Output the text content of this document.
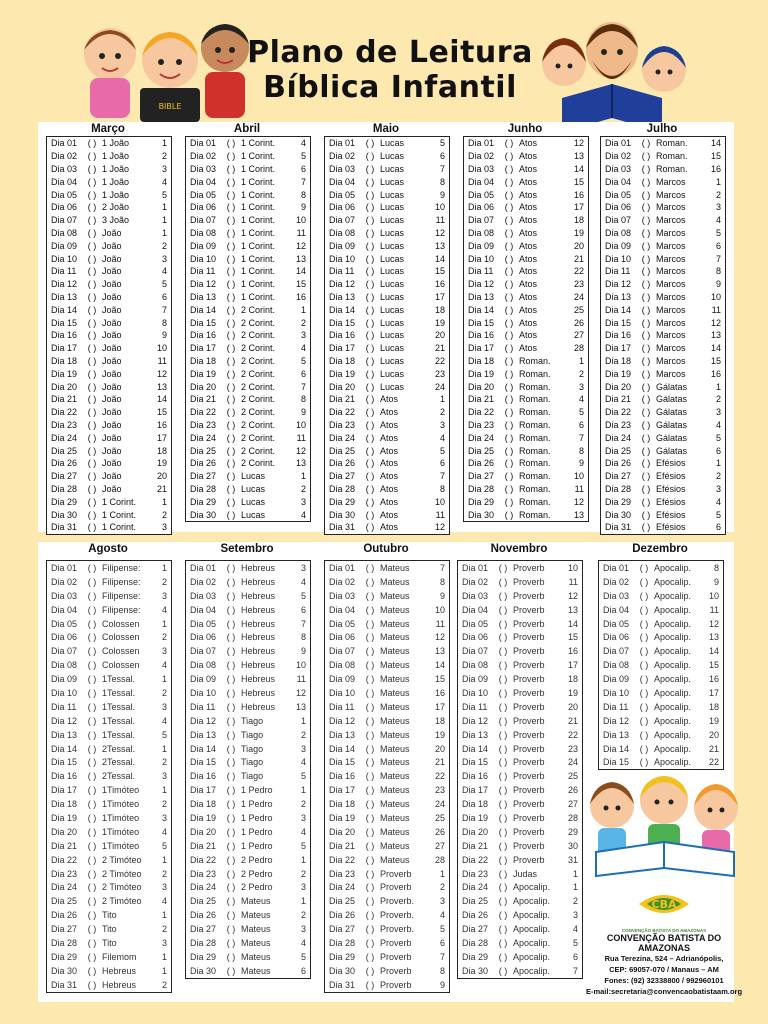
BIBLE
Plano de Leitura
Bíblica Infantil
Março
Dia 01	( ) 1 João	1
Dia 02	( ) 1 João	2
Dia 03	( ) 1 João	3
Dia 04	( ) 1 João	4
Dia 05	( ) 1 João	5
Dia 06	( ) 2 João	1
Dia 07	( ) 3 João	1
Dia 08	( ) João	1
Dia 09	( ) João	2
Dia 10	( ) João	3
Dia 11	( ) João	4
Dia 12	( ) João	5
Dia 13	( ) João	6
Dia 14	( ) João	7
Dia 15	( ) João	8
Dia 16	( ) João	9
Dia 17	( ) João	10
Dia 18	( ) João	11
Dia 19	( ) João	12
Dia 20	( ) João	13
Dia 21	( ) João	14
Dia 22	( ) João	15
Dia 23	( ) João	16
Dia 24	( ) João	17
Dia 25	( ) João	18
Dia 26	( ) João	19
Dia 27	( ) João	20
Dia 28	( ) João	21
Dia 29	( ) 1 Corint.	1
Dia 30	( ) 1 Corint.	2
Dia 31	( ) 1 Corint.	3
Abril
Dia 01	( ) 1 Corint.	4
Dia 02	( ) 1 Corint.	5
Dia 03	( ) 1 Corint.	6
Dia 04	( ) 1 Corint.	7
Dia 05	( ) 1 Corint.	8
Dia 06	( ) 1 Corint.	9
Dia 07	( ) 1 Corint.	10
Dia 08	( ) 1 Corint.	11
Dia 09	( ) 1 Corint.	12
Dia 10	( ) 1 Corint.	13
Dia 11	( ) 1 Corint.	14
Dia 12	( ) 1 Corint.	15
Dia 13	( ) 1 Corint.	16
Dia 14	( ) 2 Corint.	1
Dia 15	( ) 2 Corint.	2
Dia 16	( ) 2 Corint.	3
Dia 17	( ) 2 Corint.	4
Dia 18	( ) 2 Corint.	5
Dia 19	( ) 2 Corint.	6
Dia 20	( ) 2 Corint.	7
Dia 21	( ) 2 Corint.	8
Dia 22	( ) 2 Corint.	9
Dia 23	( ) 2 Corint.	10
Dia 24	( ) 2 Corint.	11
Dia 25	( ) 2 Corint.	12
Dia 26	( ) 2 Corint.	13
Dia 27	( ) Lucas	1
Dia 28	( ) Lucas	2
Dia 29	( ) Lucas	3
Dia 30	( ) Lucas	4
Maio
Dia 01	( ) Lucas	5
Dia 02	( ) Lucas	6
Dia 03	( ) Lucas	7
Dia 04	( ) Lucas	8
Dia 05	( ) Lucas	9
Dia 06	( ) Lucas	10
Dia 07	( ) Lucas	11
Dia 08	( ) Lucas	12
Dia 09	( ) Lucas	13
Dia 10	( ) Lucas	14
Dia 11	( ) Lucas	15
Dia 12	( ) Lucas	16
Dia 13	( ) Lucas	17
Dia 14	( ) Lucas	18
Dia 15	( ) Lucas	19
Dia 16	( ) Lucas	20
Dia 17	( ) Lucas	21
Dia 18	( ) Lucas	22
Dia 19	( ) Lucas	23
Dia 20	( ) Lucas	24
Dia 21	( ) Atos	1
Dia 22	( ) Atos	2
Dia 23	( ) Atos	3
Dia 24	( ) Atos	4
Dia 25	( ) Atos	5
Dia 26	( ) Atos	6
Dia 27	( ) Atos	7
Dia 28	( ) Atos	8
Dia 29	( ) Atos	10
Dia 30	( ) Atos	11
Dia 31	( ) Atos	12
Junho
Dia 01	( ) Atos	12
Dia 02	( ) Atos	13
Dia 03	( ) Atos	14
Dia 04	( ) Atos	15
Dia 05	( ) Atos	16
Dia 06	( ) Atos	17
Dia 07	( ) Atos	18
Dia 08	( ) Atos	19
Dia 09	( ) Atos	20
Dia 10	( ) Atos	21
Dia 11	( ) Atos	22
Dia 12	( ) Atos	23
Dia 13	( ) Atos	24
Dia 14	( ) Atos	25
Dia 15	( ) Atos	26
Dia 16	( ) Atos	27
Dia 17	( ) Atos	28
Dia 18	( ) Roman.	1
Dia 19	( ) Roman.	2
Dia 20	( ) Roman.	3
Dia 21	( ) Roman.	4
Dia 22	( ) Roman.	5
Dia 23	( ) Roman.	6
Dia 24	( ) Roman.	7
Dia 25	( ) Roman.	8
Dia 26	( ) Roman.	9
Dia 27	( ) Roman.	10
Dia 28	( ) Roman.	11
Dia 29	( ) Roman.	12
Dia 30	( ) Roman.	13
Julho
Dia 01	( ) Roman.	14
Dia 02	( ) Roman.	15
Dia 03	( ) Roman.	16
Dia 04	( ) Marcos	1
Dia 05	( ) Marcos	2
Dia 06	( ) Marcos	3
Dia 07	( ) Marcos	4
Dia 08	( ) Marcos	5
Dia 09	( ) Marcos	6
Dia 10	( ) Marcos	7
Dia 11	( ) Marcos	8
Dia 12	( ) Marcos	9
Dia 13	( ) Marcos	10
Dia 14	( ) Marcos	11
Dia 15	( ) Marcos	12
Dia 16	( ) Marcos	13
Dia 17	( ) Marcos	14
Dia 18	( ) Marcos	15
Dia 19	( ) Marcos	16
Dia 20	( ) Gálatas	1
Dia 21	( ) Gálatas	2
Dia 22	( ) Gálatas	3
Dia 23	( ) Gálatas	4
Dia 24	( ) Gálatas	5
Dia 25	( ) Gálatas	6
Dia 26	( ) Efésios	1
Dia 27	( ) Efésios	2
Dia 28	( ) Efésios	3
Dia 29	( ) Efésios	4
Dia 30	( ) Efésios	5
Dia 31	( ) Efésios	6
Agosto
Dia 01	( ) Filipense:	1
Dia 02	( ) Filipense:	2
Dia 03	( ) Filipense:	3
Dia 04	( ) Filipense:	4
Dia 05	( ) Colossen	1
Dia 06	( ) Colossen	2
Dia 07	( ) Colossen	3
Dia 08	( ) Colossen	4
Dia 09	( ) 1Tessal.	1
Dia 10	( ) 1Tessal.	2
Dia 11	( ) 1Tessal.	3
Dia 12	( ) 1Tessal.	4
Dia 13	( ) 1Tessal.	5
Dia 14	( ) 2Tessal.	1
Dia 15	( ) 2Tessal.	2
Dia 16	( ) 2Tessal.	3
Dia 17	( ) 1Timóteo	1
Dia 18	( ) 1Timóteo	2
Dia 19	( ) 1Timóteo	3
Dia 20	( ) 1Timóteo	4
Dia 21	( ) 1Timóteo	5
Dia 22	( ) 2 Timóteo	1
Dia 23	( ) 2 Timóteo	2
Dia 24	( ) 2 Timóteo	3
Dia 25	( ) 2 Timóteo	4
Dia 26	( ) Tito	1
Dia 27	( ) Tito	2
Dia 28	( ) Tito	3
Dia 29	( ) Filemom	1
Dia 30	( ) Hebreus	1
Dia 31	( ) Hebreus	2
Setembro
Dia 01	( ) Hebreus	3
Dia 02	( ) Hebreus	4
Dia 03	( ) Hebreus	5
Dia 04	( ) Hebreus	6
Dia 05	( ) Hebreus	7
Dia 06	( ) Hebreus	8
Dia 07	( ) Hebreus	9
Dia 08	( ) Hebreus	10
Dia 09	( ) Hebreus	11
Dia 10	( ) Hebreus	12
Dia 11	( ) Hebreus	13
Dia 12	( ) Tiago	1
Dia 13	( ) Tiago	2
Dia 14	( ) Tiago	3
Dia 15	( ) Tiago	4
Dia 16	( ) Tiago	5
Dia 17	( ) 1 Pedro	1
Dia 18	( ) 1 Pedro	2
Dia 19	( ) 1 Pedro	3
Dia 20	( ) 1 Pedro	4
Dia 21	( ) 1 Pedro	5
Dia 22	( ) 2 Pedro	1
Dia 23	( ) 2 Pedro	2
Dia 24	( ) 2 Pedro	3
Dia 25	( ) Mateus	1
Dia 26	( ) Mateus	2
Dia 27	( ) Mateus	3
Dia 28	( ) Mateus	4
Dia 29	( ) Mateus	5
Dia 30	( ) Mateus	6
Outubro
Dia 01	( ) Mateus	7
Dia 02	( ) Mateus	8
Dia 03	( ) Mateus	9
Dia 04	( ) Mateus	10
Dia 05	( ) Mateus	11
Dia 06	( ) Mateus	12
Dia 07	( ) Mateus	13
Dia 08	( ) Mateus	14
Dia 09	( ) Mateus	15
Dia 10	( ) Mateus	16
Dia 11	( ) Mateus	17
Dia 12	( ) Mateus	18
Dia 13	( ) Mateus	19
Dia 14	( ) Mateus	20
Dia 15	( ) Mateus	21
Dia 16	( ) Mateus	22
Dia 17	( ) Mateus	23
Dia 18	( ) Mateus	24
Dia 19	( ) Mateus	25
Dia 20	( ) Mateus	26
Dia 21	( ) Mateus	27
Dia 22	( ) Mateus	28
Dia 23	( ) Proverb	1
Dia 24	( ) Proverb	2
Dia 25	( ) Proverb.	3
Dia 26	( ) Proverb.	4
Dia 27	( ) Proverb.	5
Dia 28	( ) Proverb	6
Dia 29	( ) Proverb	7
Dia 30	( ) Proverb	8
Dia 31	( ) Proverb	9
Novembro
Dia 01	( ) Proverb	10
Dia 02	( ) Proverb	11
Dia 03	( ) Proverb	12
Dia 04	( ) Proverb	13
Dia 05	( ) Proverb	14
Dia 06	( ) Proverb	15
Dia 07	( ) Proverb	16
Dia 08	( ) Proverb	17
Dia 09	( ) Proverb	18
Dia 10	( ) Proverb	19
Dia 11	( ) Proverb	20
Dia 12	( ) Proverb	21
Dia 13	( ) Proverb	22
Dia 14	( ) Proverb	23
Dia 15	( ) Proverb	24
Dia 16	( ) Proverb	25
Dia 17	( ) Proverb	26
Dia 18	( ) Proverb	27
Dia 19	( ) Proverb	28
Dia 20	( ) Proverb	29
Dia 21	( ) Proverb	30
Dia 22	( ) Proverb	31
Dia 23	( ) Judas	1
Dia 24	( ) Apocalip.	1
Dia 25	( ) Apocalip.	2
Dia 26	( ) Apocalip.	3
Dia 27	( ) Apocalip.	4
Dia 28	( ) Apocalip.	5
Dia 29	( ) Apocalip.	6
Dia 30	( ) Apocalip.	7
Dezembro
Dia 01	( ) Apocalip.	8
Dia 02	( ) Apocalip.	9
Dia 03	( ) Apocalip.	10
Dia 04	( ) Apocalip.	11
Dia 05	( ) Apocalip.	12
Dia 06	( ) Apocalip.	13
Dia 07	( ) Apocalip.	14
Dia 08	( ) Apocalip.	15
Dia 09	( ) Apocalip.	16
Dia 10	( ) Apocalip.	17
Dia 11	( ) Apocalip.	18
Dia 12	( ) Apocalip.	19
Dia 13	( ) Apocalip.	20
Dia 14	( ) Apocalip.	21
Dia 15	( ) Apocalip.	22
CBA
CONVENÇÃO BATISTA DO AMAZONAS
CONVENÇÃO BATISTA DO AMAZONAS
Rua Terezina, 524 – Adrianópolis,
CEP: 69057-070 / Manaus – AM
Fones: (92) 32338800 / 992960101
E-mail:secretaria@convencaobatistaam.org
